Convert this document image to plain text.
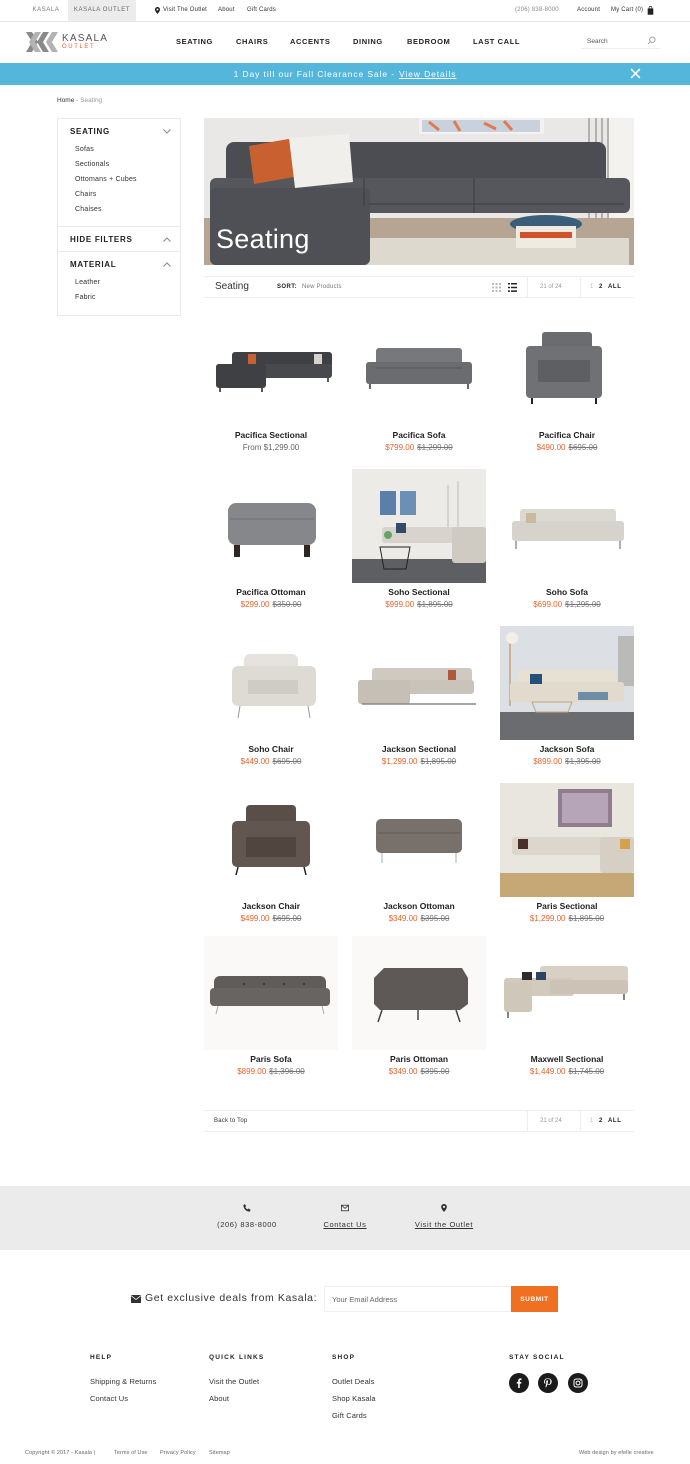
KASALA	KASALA OUTLET	Visit The Outlet About Gift Cards	(206) 838-8000	Account My Cart (0)
KASALA
OUTLET
SEATING	CHAIRS	ACCENTS	DINING	BEDROOM	LAST CALL
Search
1 Day till our Fall Clearance Sale - View Details
Home - Seating
SEATING
Sofas
Sectionals
Ottomans + Cubes
Chairs
Chaises
HIDE FILTERS
MATERIAL
Leather
Fabric
Seating
Seating	SORT: New Products	21 of 24	1 2 ALL
Pacifica Sectional
From $1,299.00
Pacifica Sofa
$799.00 $1,299.00
Pacifica Chair
$490.00 $695.00
Pacifica Ottoman
$299.00 $350.00
Soho Sectional
$999.00 $1,895.00
Soho Sofa
$699.00 $1,295.00
Soho Chair
$449.00 $695.00
Jackson Sectional
$1,299.00 $1,895.00
Jackson Sofa
$899.00 $1,395.00
Jackson Chair
$499.00 $695.00
Jackson Ottoman
$349.00 $395.00
Paris Sectional
$1,299.00 $1,895.00
Paris Sofa
$899.00 $1,396.00
Paris Ottoman
$349.00 $395.00
Maxwell Sectional
$1,449.00 $1,745.00
Back to Top	21 of 24	1 2 ALL
(206) 838-8000	Contact Us	Visit the Outlet
Get exclusive deals from Kasala:
Your Email Address	SUBMIT
HELP
Shipping & Returns
Contact Us
QUICK LINKS
Visit the Outlet
About
SHOP
Outlet Deals
Shop Kasala
Gift Cards
STAY SOCIAL
Copyright © 2017 - Kasala |	Terms of Use Privacy Policy Sitemap	Web design by efelle creative
